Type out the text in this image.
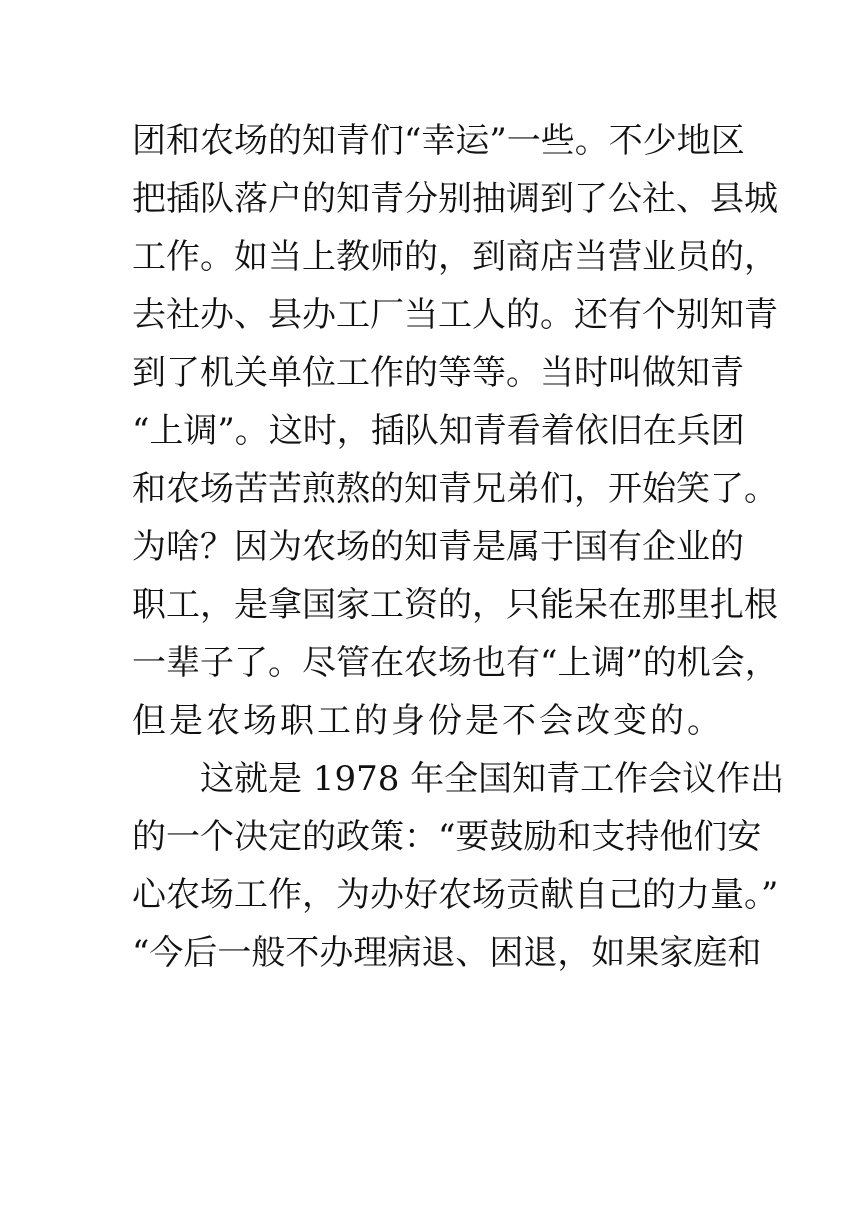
团和农场的知青们“幸运”一些。不少地区
把插队落户的知青分别抽调到了公社、县城
工作。如当上教师的，到商店当营业员的，
去社办、县办工厂当工人的。还有个别知青
到了机关单位工作的等等。当时叫做知青
“上调”。这时，插队知青看着依旧在兵团
和农场苦苦煎熬的知青兄弟们，开始笑了。
为啥？因为农场的知青是属于国有企业的
职工，是拿国家工资的，只能呆在那里扎根
一辈子了。尽管在农场也有“上调”的机会，
但是农场职工的身份是不会改变的。
这就是 1978 年全国知青工作会议作出
的一个决定的政策：“要鼓励和支持他们安
心农场工作，为办好农场贡献自己的力量。”
“今后一般不办理病退、困退，如果家庭和
